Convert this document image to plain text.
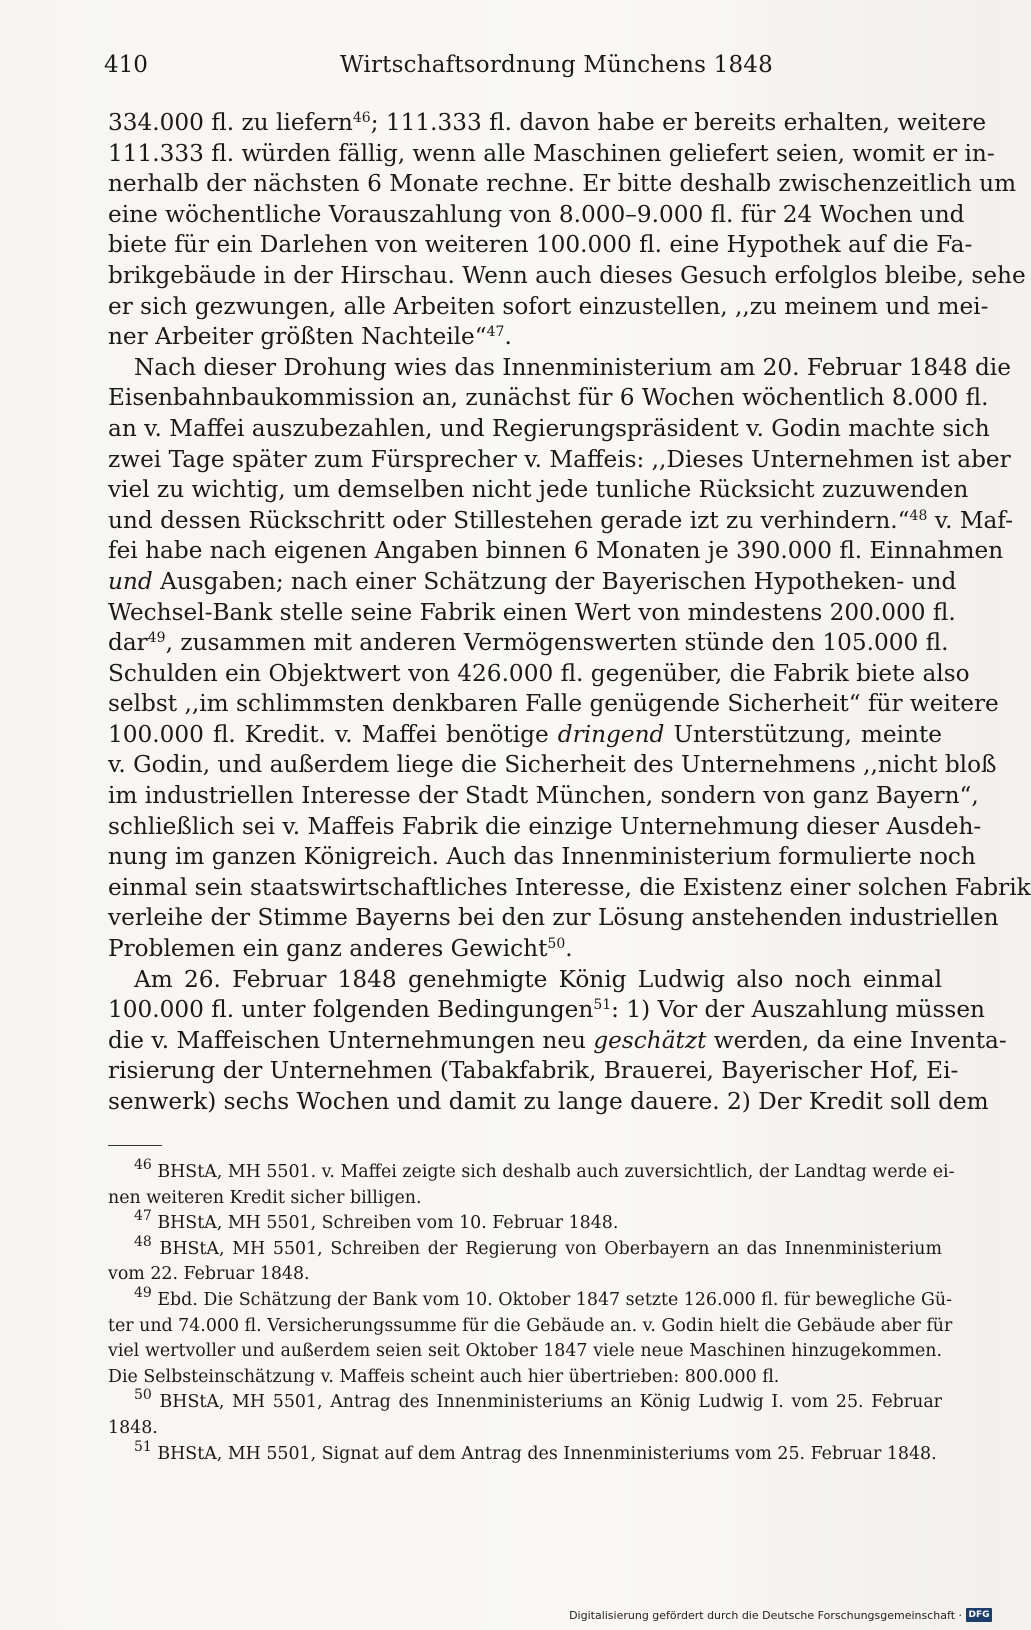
410	Wirtschaftsordnung Münchens 1848
334.000 fl. zu liefern$^{46}$; 111.333 fl. davon habe er bereits erhalten, weitere
111.333 fl. würden fällig, wenn alle Maschinen geliefert seien, womit er in-
nerhalb der nächsten 6 Monate rechne. Er bitte deshalb zwischenzeitlich um
eine wöchentliche Vorauszahlung von 8.000–9.000 fl. für 24 Wochen und
biete für ein Darlehen von weiteren 100.000 fl. eine Hypothek auf die Fa-
brikgebäude in der Hirschau. Wenn auch dieses Gesuch erfolglos bleibe, sehe
er sich gezwungen, alle Arbeiten sofort einzustellen, ,,zu meinem und mei-
ner Arbeiter größten Nachteile“$^{47}$.
Nach dieser Drohung wies das Innenministerium am 20. Februar 1848 die
Eisenbahnbaukommission an, zunächst für 6 Wochen wöchentlich 8.000 fl.
an v. Maffei auszubezahlen, und Regierungspräsident v. Godin machte sich
zwei Tage später zum Fürsprecher v. Maffeis: ,,Dieses Unternehmen ist aber
viel zu wichtig, um demselben nicht jede tunliche Rücksicht zuzuwenden
und dessen Rückschritt oder Stillestehen gerade izt zu verhindern.“$^{48}$ v. Maf-
fei habe nach eigenen Angaben binnen 6 Monaten je 390.000 fl. Einnahmen
und Ausgaben; nach einer Schätzung der Bayerischen Hypotheken- und
Wechsel-Bank stelle seine Fabrik einen Wert von mindestens 200.000 fl.
dar$^{49}$, zusammen mit anderen Vermögenswerten stünde den 105.000 fl.
Schulden ein Objektwert von 426.000 fl. gegenüber, die Fabrik biete also
selbst ,,im schlimmsten denkbaren Falle genügende Sicherheit“ für weitere
100.000 fl. Kredit. v. Maffei benötige dringend Unterstützung, meinte
v. Godin, und außerdem liege die Sicherheit des Unternehmens ,,nicht bloß
im industriellen Interesse der Stadt München, sondern von ganz Bayern“,
schließlich sei v. Maffeis Fabrik die einzige Unternehmung dieser Ausdeh-
nung im ganzen Königreich. Auch das Innenministerium formulierte noch
einmal sein staatswirtschaftliches Interesse, die Existenz einer solchen Fabrik
verleihe der Stimme Bayerns bei den zur Lösung anstehenden industriellen
Problemen ein ganz anderes Gewicht$^{50}$.
Am 26. Februar 1848 genehmigte König Ludwig also noch einmal
100.000 fl. unter folgenden Bedingungen$^{51}$: 1) Vor der Auszahlung müssen
die v. Maffeischen Unternehmungen neu geschätzt werden, da eine Inventa-
risierung der Unternehmen (Tabakfabrik, Brauerei, Bayerischer Hof, Ei-
senwerk) sechs Wochen und damit zu lange dauere. 2) Der Kredit soll dem
$^{46}$ BHStA, MH 5501. v. Maffei zeigte sich deshalb auch zuversichtlich, der Landtag werde ei-
nen weiteren Kredit sicher billigen.
$^{47}$ BHStA, MH 5501, Schreiben vom 10. Februar 1848.
$^{48}$ BHStA, MH 5501, Schreiben der Regierung von Oberbayern an das Innenministerium
vom 22. Februar 1848.
$^{49}$ Ebd. Die Schätzung der Bank vom 10. Oktober 1847 setzte 126.000 fl. für bewegliche Gü-
ter und 74.000 fl. Versicherungssumme für die Gebäude an. v. Godin hielt die Gebäude aber für
viel wertvoller und außerdem seien seit Oktober 1847 viele neue Maschinen hinzugekommen.
Die Selbsteinschätzung v. Maffeis scheint auch hier übertrieben: 800.000 fl.
$^{50}$ BHStA, MH 5501, Antrag des Innenministeriums an König Ludwig I. vom 25. Februar
1848.
$^{51}$ BHStA, MH 5501, Signat auf dem Antrag des Innenministeriums vom 25. Februar 1848.
Digitalisierung gefördert durch die Deutsche Forschungsgemeinschaft · DFG
